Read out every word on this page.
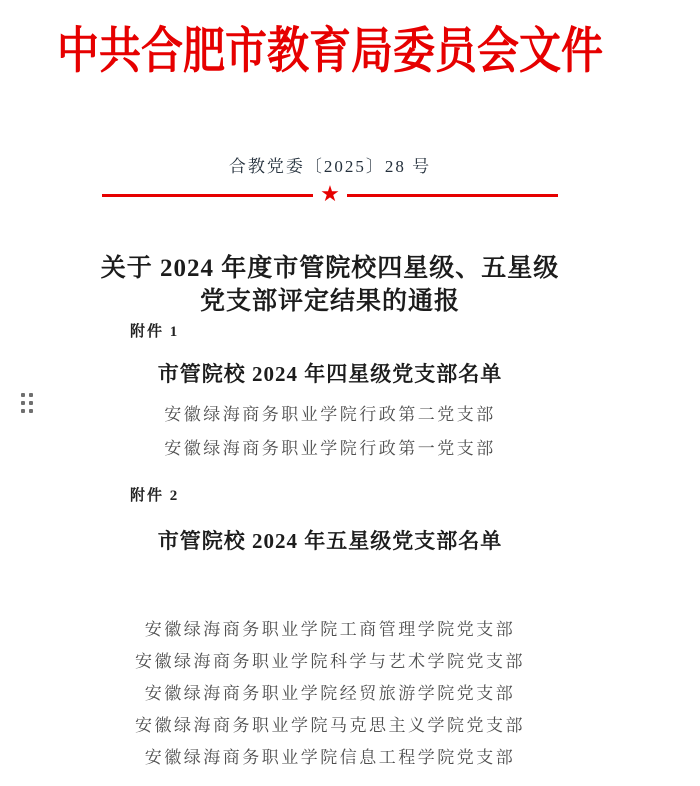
中共合肥市教育局委员会文件
合教党委〔2025〕28 号
★
关于 2024 年度市管院校四星级、五星级
党支部评定结果的通报
附件 1
市管院校 2024 年四星级党支部名单
安徽绿海商务职业学院行政第二党支部
安徽绿海商务职业学院行政第一党支部
附件 2
市管院校 2024 年五星级党支部名单
安徽绿海商务职业学院工商管理学院党支部
安徽绿海商务职业学院科学与艺术学院党支部
安徽绿海商务职业学院经贸旅游学院党支部
安徽绿海商务职业学院马克思主义学院党支部
安徽绿海商务职业学院信息工程学院党支部
